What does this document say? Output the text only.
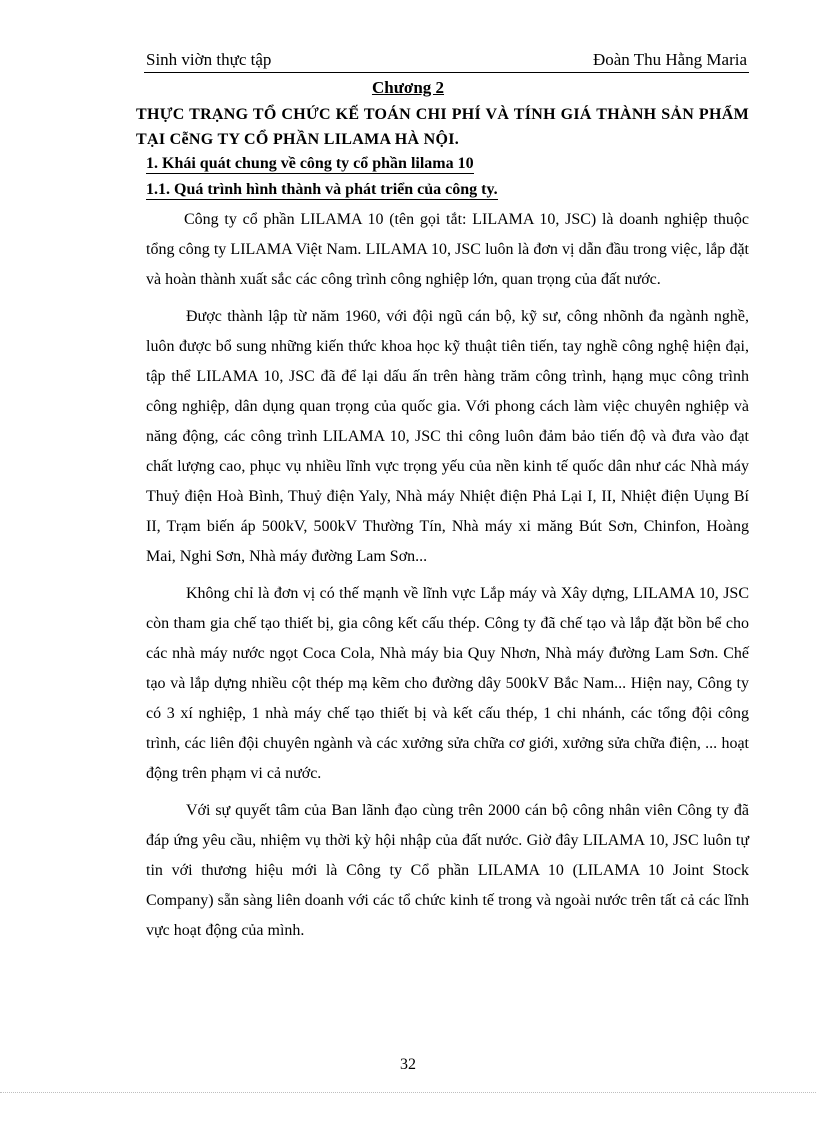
Sinh viờn thực tập	Đoàn Thu Hằng Maria
Chương 2
THỰC TRẠNG TỔ CHỨC KẾ TOÁN CHI PHÍ VÀ TÍNH GIÁ THÀNH SẢN PHẨM TẠI CễNG TY CỔ PHẦN LILAMA HÀ NỘI.
1. Khái quát chung về công ty cổ phần lilama 10
1.1. Quá trình hình thành và phát triển của công ty.

Công ty cổ phần LILAMA 10 (tên gọi tắt: LILAMA 10, JSC) là doanh nghiệp thuộc tổng công ty LILAMA Việt Nam. LILAMA 10, JSC luôn là đơn vị dẫn đầu trong việc, lắp đặt và hoàn thành xuất sắc các công trình công nghiệp lớn, quan trọng của đất nước.

Được thành lập từ năm 1960, với đội ngũ cán bộ, kỹ sư, công nhõnh đa ngành nghề, luôn được bổ sung những kiến thức khoa học kỹ thuật tiên tiến, tay nghề công nghệ hiện đại, tập thể LILAMA 10, JSC đã để lại dấu ấn trên hàng trăm công trình, hạng mục công trình công nghiệp, dân dụng quan trọng của quốc gia. Với phong cách làm việc chuyên nghiệp và năng động, các công trình LILAMA 10, JSC thi công luôn đảm bảo tiến độ và đưa vào đạt chất lượng cao, phục vụ nhiều lĩnh vực trọng yếu của nền kinh tế quốc dân như các Nhà máy Thuỷ điện Hoà Bình, Thuỷ điện Yaly, Nhà máy Nhiệt điện Phả Lại I, II, Nhiệt điện Uụng Bí II, Trạm biến áp 500kV, 500kV Thường Tín, Nhà máy xi măng Bút Sơn, Chinfon, Hoàng Mai, Nghi Sơn, Nhà máy đường Lam Sơn...

Không chỉ là đơn vị có thế mạnh về lĩnh vực Lắp máy và Xây dựng, LILAMA 10, JSC còn tham gia chế tạo thiết bị, gia công kết cấu thép. Công ty đã chế tạo và lắp đặt bồn bể cho các nhà máy nước ngọt Coca Cola, Nhà máy bia Quy Nhơn, Nhà máy đường Lam Sơn. Chế tạo và lắp dựng nhiều cột thép mạ kẽm cho đường dây 500kV Bắc Nam... Hiện nay, Công ty có 3 xí nghiệp, 1 nhà máy chế tạo thiết bị và kết cấu thép, 1 chi nhánh, các tổng đội công trình, các liên đội chuyên ngành và các xưởng sửa chữa cơ giới, xưởng sửa chữa điện, ... hoạt động trên phạm vi cả nước.

Với sự quyết tâm của Ban lãnh đạo cùng trên 2000 cán bộ công nhân viên Công ty đã đáp ứng yêu cầu, nhiệm vụ thời kỳ hội nhập của đất nước. Giờ đây LILAMA 10, JSC luôn tự tin với thương hiệu mới là Công ty Cổ phần LILAMA 10 (LILAMA 10 Joint Stock Company) sẵn sàng liên doanh với các tổ chức kinh tế trong và ngoài nước trên tất cả các lĩnh vực hoạt động của mình.

32
